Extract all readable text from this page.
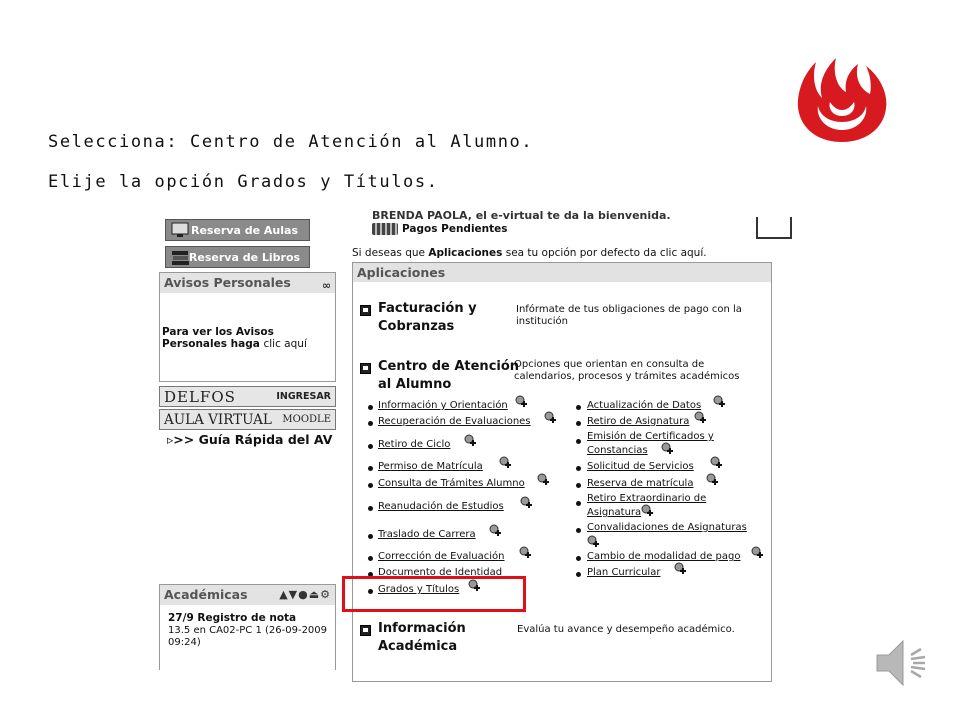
Selecciona: Centro de Atención al Alumno.
Elije la opción Grados y Títulos.
BRENDA PAOLA, el e-virtual te da la bienvenida.
Pagos Pendientes
Si deseas que Aplicaciones sea tu opción por defecto da clic aquí.
Reserva de Aulas
Reserva de Libros
Avisos Personales	∞
Para ver los Avisos Personales haga clic aquí
DELFOS	INGRESAR
AULA VIRTUAL MOODLE
▹>> Guía Rápida del AV
Académicas	▲▼●⏏⚙
27/9 Registro de nota
13.5 en CA02-PC 1 (26-09-2009 09:24)
Aplicaciones
Facturación y
Cobranzas
Infórmate de tus obligaciones de pago con la institución
Centro de Atención
al Alumno
Opciones que orientan en consulta de calendarios, procesos y trámites académicos
Información y Orientación
Recuperación de Evaluaciones
Retiro de Ciclo
Permiso de Matrícula
Consulta de Trámites Alumno
Reanudación de Estudios
Traslado de Carrera
Corrección de Evaluación
Documento de Identidad
Grados y Títulos
Actualización de Datos
Retiro de Asignatura
Emisión de Certificados y Constancias
Solicitud de Servicios
Reserva de matrícula
Retiro Extraordinario de Asignatura
Convalidaciones de Asignaturas
Cambio de modalidad de pago
Plan Curricular
Información
Académica
Evalúa tu avance y desempeño académico.
